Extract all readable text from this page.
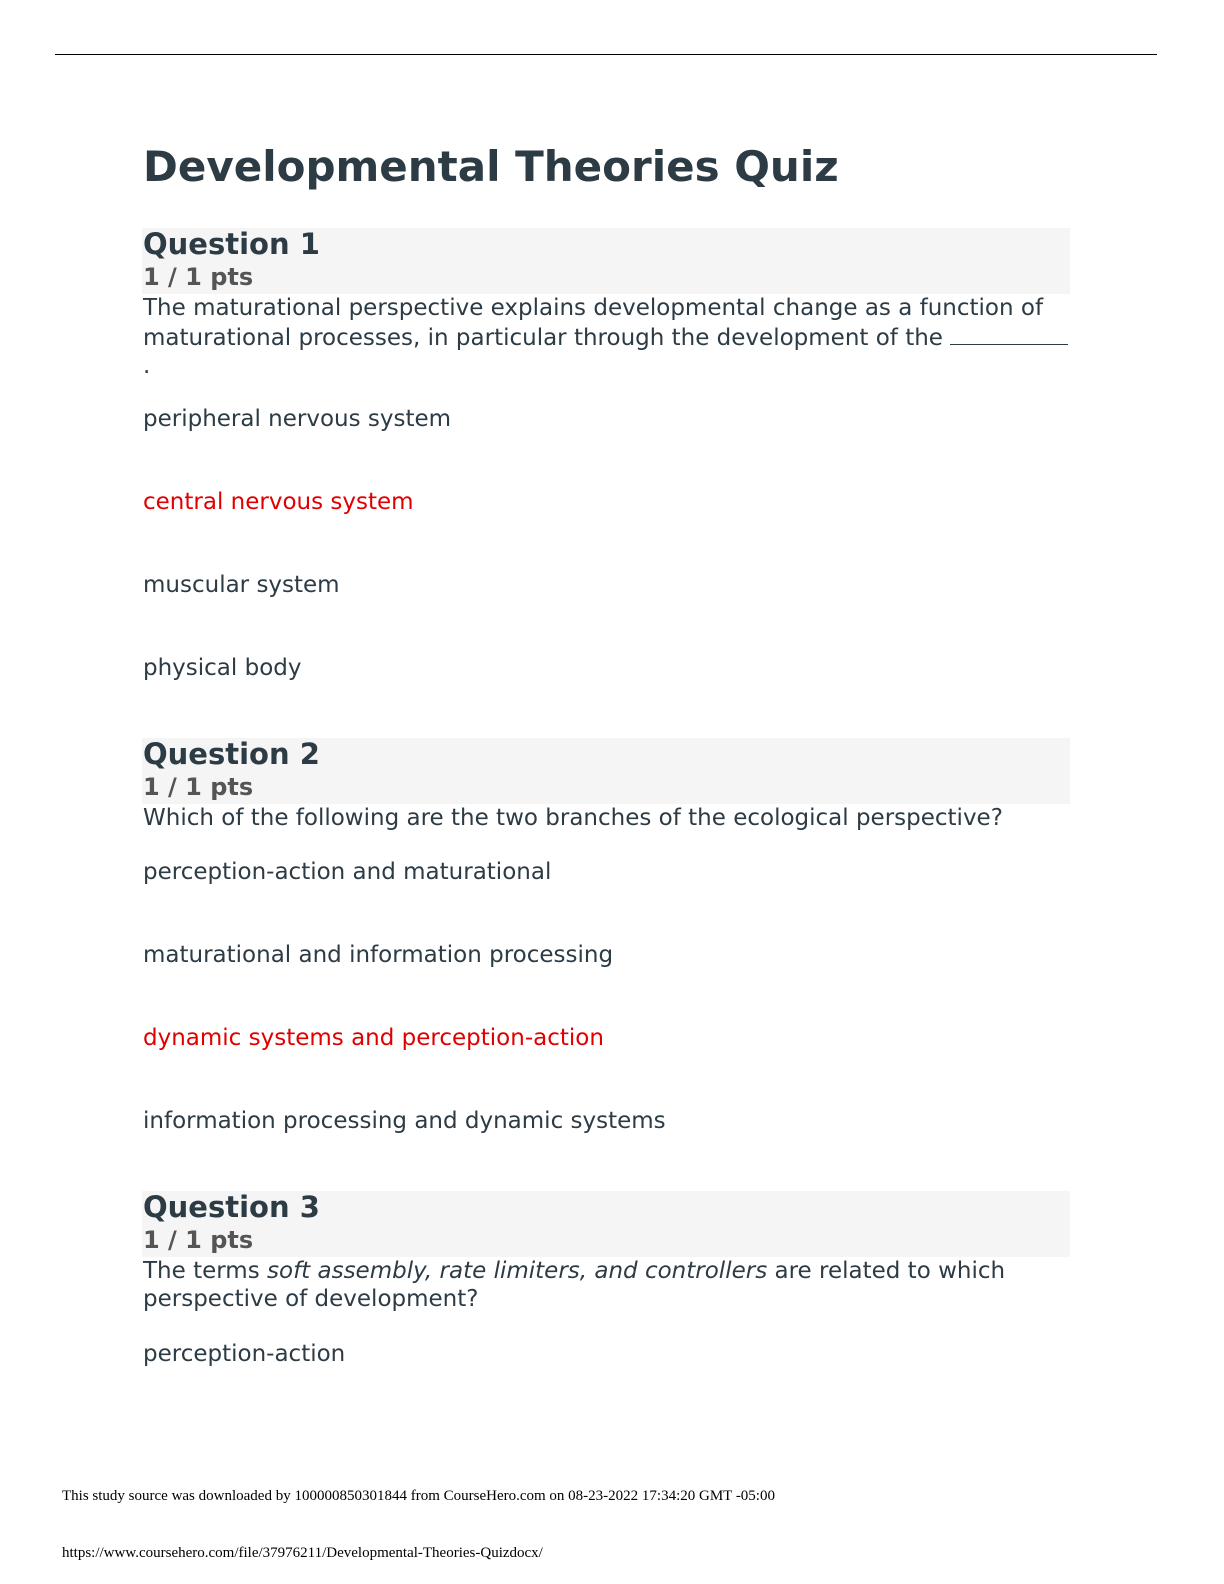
Developmental Theories Quiz
Question 1
1 / 1 pts

The maturational perspective explains developmental change as a function of maturational processes, in particular through the development of the .

peripheral nervous system
central nervous system
muscular system
physical body
Question 2
1 / 1 pts

Which of the following are the two branches of the ecological perspective?

perception-action and maturational
maturational and information processing
dynamic systems and perception-action
information processing and dynamic systems
Question 3
1 / 1 pts

The terms soft assembly, rate limiters, and controllers are related to which perspective of development?

perception-action
This study source was downloaded by 100000850301844 from CourseHero.com on 08-23-2022 17:34:20 GMT -05:00
https://www.coursehero.com/file/37976211/Developmental-Theories-Quizdocx/
